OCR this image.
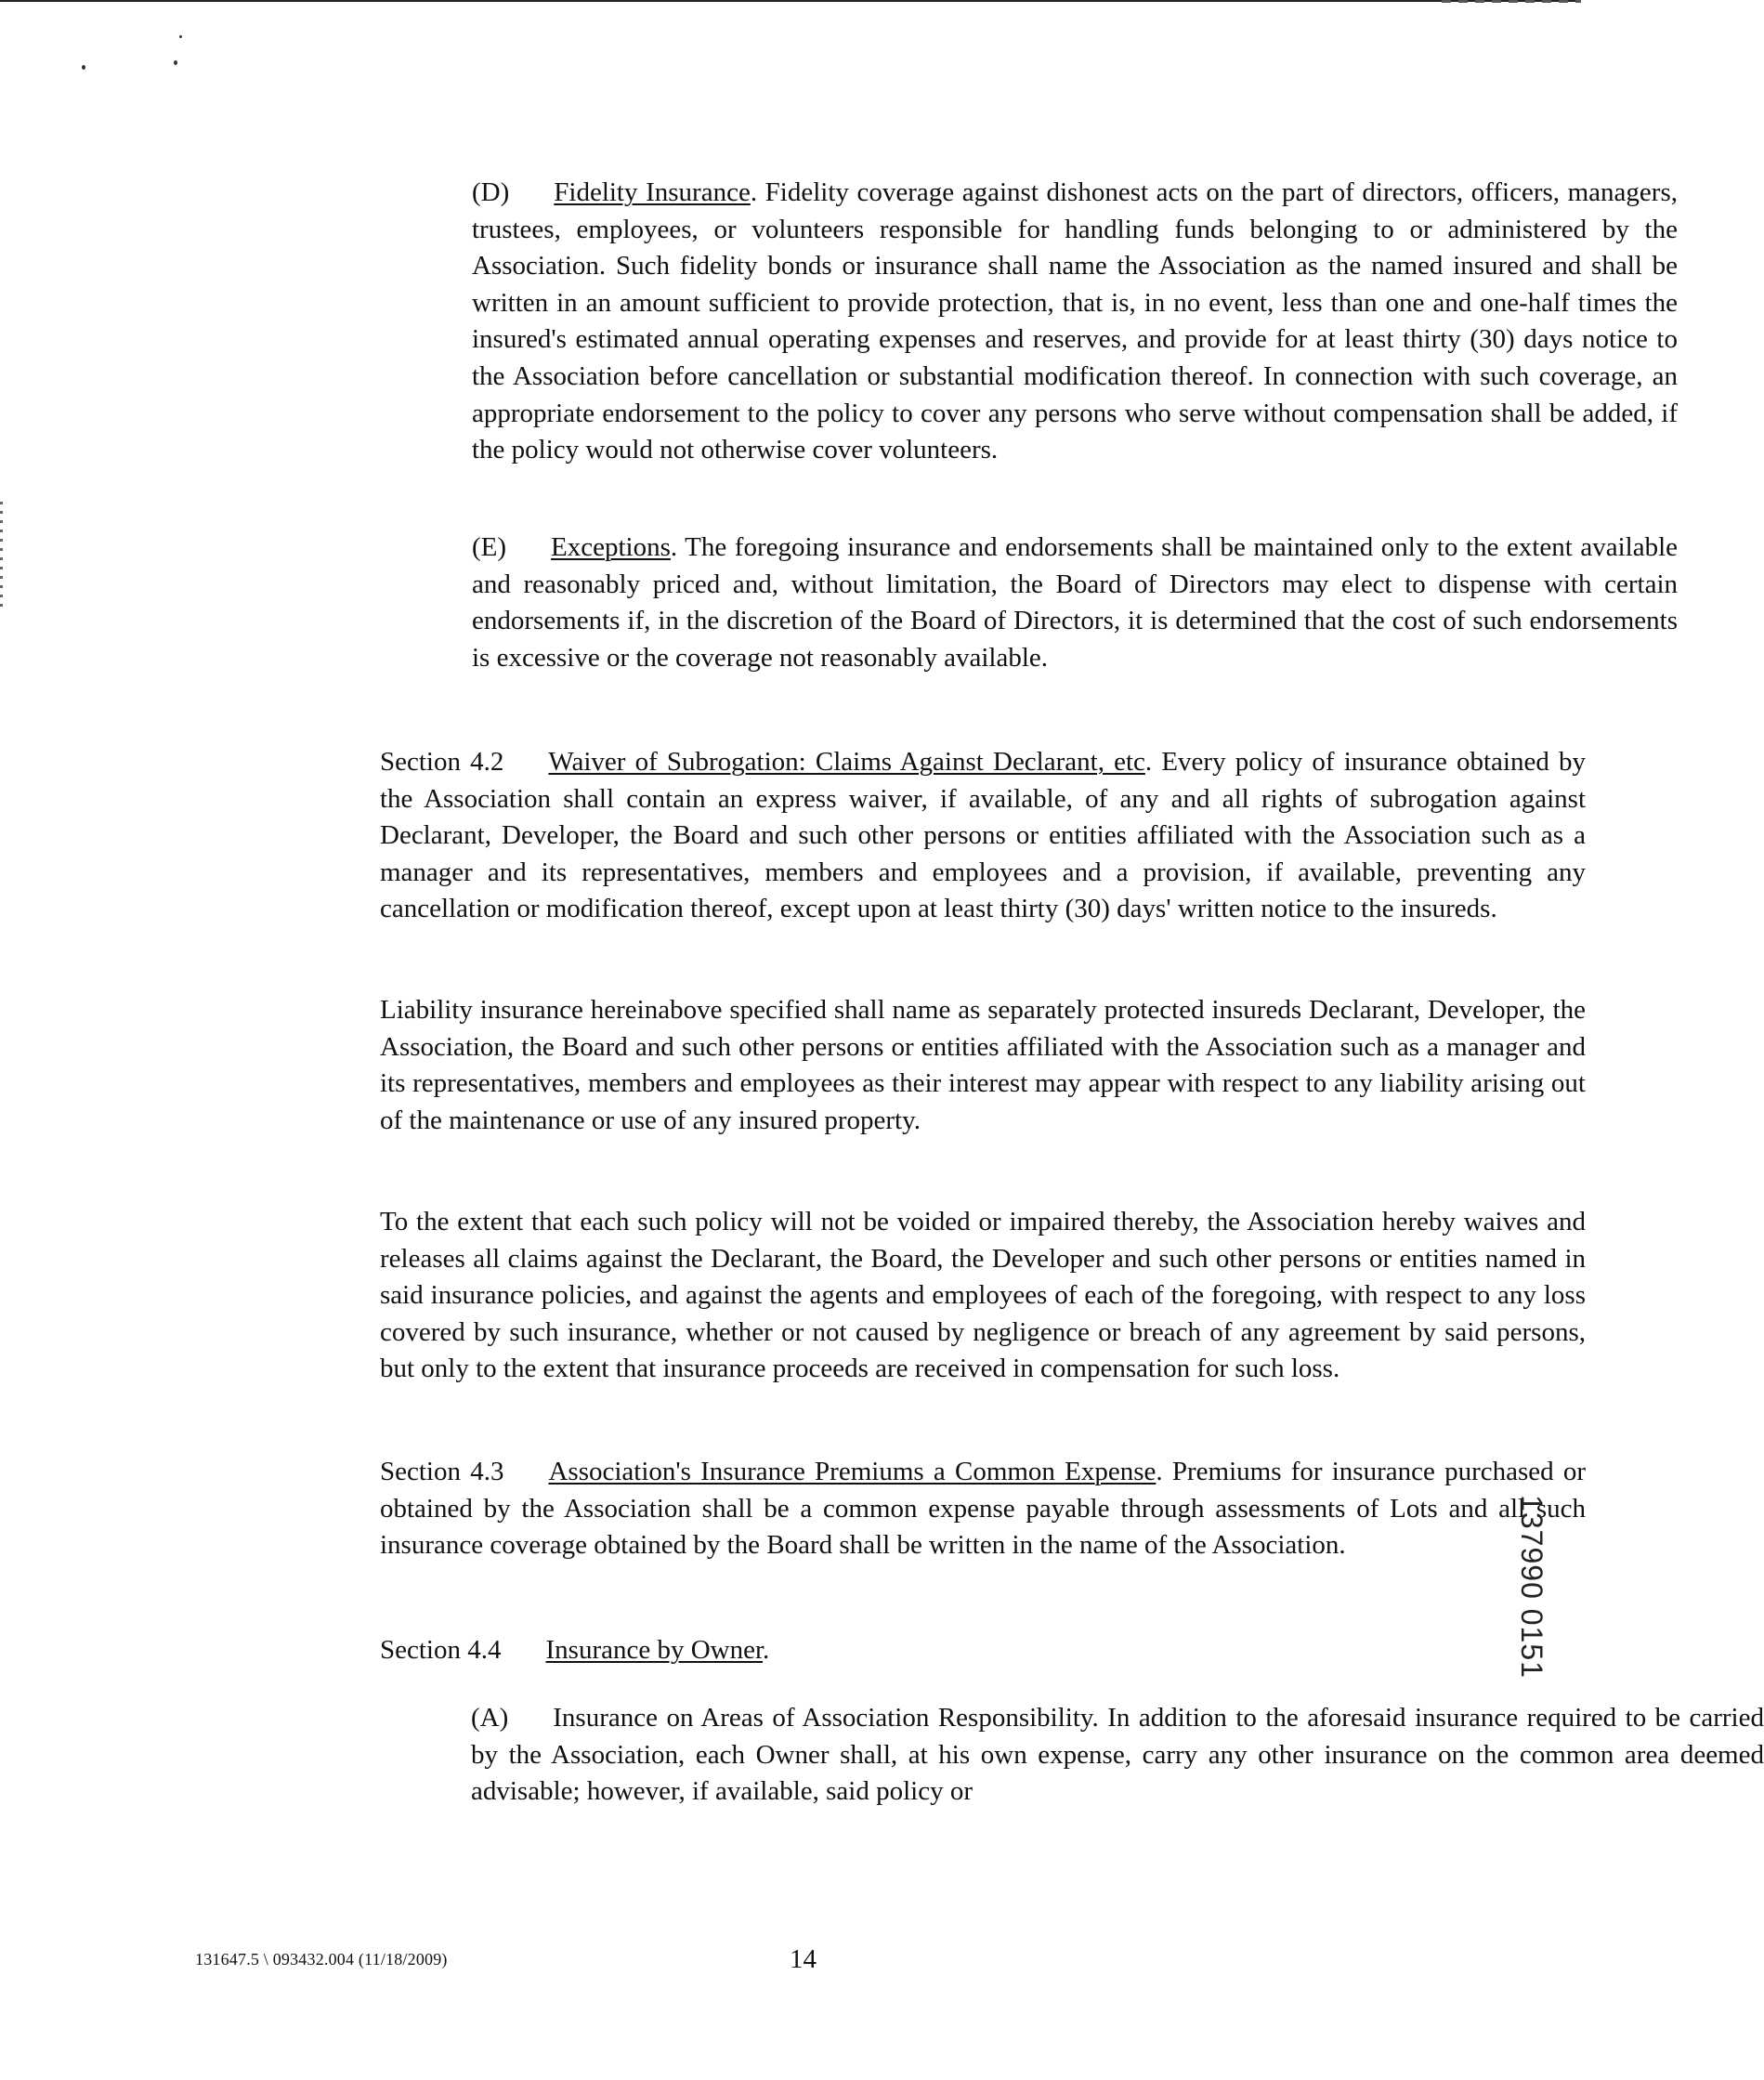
(D) Fidelity Insurance. Fidelity coverage against dishonest acts on the part of directors, officers, managers, trustees, employees, or volunteers responsible for handling funds belonging to or administered by the Association. Such fidelity bonds or insurance shall name the Association as the named insured and shall be written in an amount sufficient to provide protection, that is, in no event, less than one and one-half times the insured's estimated annual operating expenses and reserves, and provide for at least thirty (30) days notice to the Association before cancellation or substantial modification thereof. In connection with such coverage, an appropriate endorsement to the policy to cover any persons who serve without compensation shall be added, if the policy would not otherwise cover volunteers.

(E) Exceptions. The foregoing insurance and endorsements shall be maintained only to the extent available and reasonably priced and, without limitation, the Board of Directors may elect to dispense with certain endorsements if, in the discretion of the Board of Directors, it is determined that the cost of such endorsements is excessive or the coverage not reasonably available.

Section 4.2 Waiver of Subrogation: Claims Against Declarant, etc. Every policy of insurance obtained by the Association shall contain an express waiver, if available, of any and all rights of subrogation against Declarant, Developer, the Board and such other persons or entities affiliated with the Association such as a manager and its representatives, members and employees and a provision, if available, preventing any cancellation or modification thereof, except upon at least thirty (30) days' written notice to the insureds.

Liability insurance hereinabove specified shall name as separately protected insureds Declarant, Developer, the Association, the Board and such other persons or entities affiliated with the Association such as a manager and its representatives, members and employees as their interest may appear with respect to any liability arising out of the maintenance or use of any insured property.

To the extent that each such policy will not be voided or impaired thereby, the Association hereby waives and releases all claims against the Declarant, the Board, the Developer and such other persons or entities named in said insurance policies, and against the agents and employees of each of the foregoing, with respect to any loss covered by such insurance, whether or not caused by negligence or breach of any agreement by said persons, but only to the extent that insurance proceeds are received in compensation for such loss.

Section 4.3 Association's Insurance Premiums a Common Expense. Premiums for insurance purchased or obtained by the Association shall be a common expense payable through assessments of Lots and all such insurance coverage obtained by the Board shall be written in the name of the Association.

Section 4.4 Insurance by Owner.

(A) Insurance on Areas of Association Responsibility. In addition to the aforesaid insurance required to be carried by the Association, each Owner shall, at his own expense, carry any other insurance on the common area deemed advisable; however, if available, said policy or

131647.5 \ 093432.004 (11/18/2009)	14
137990 0151
